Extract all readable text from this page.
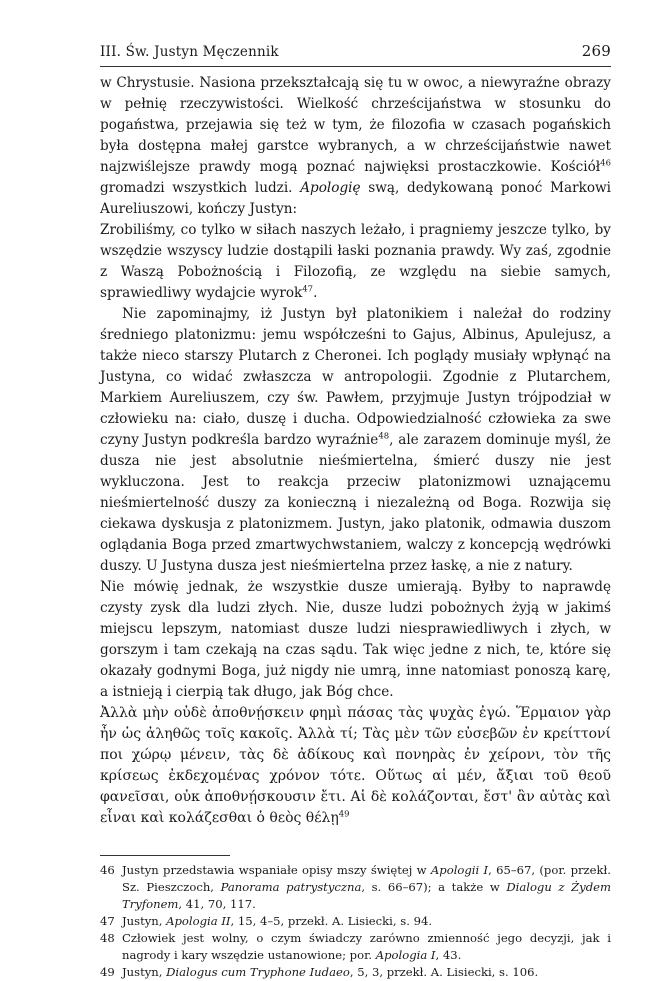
III. Św. Justyn Męczennik	269

w Chrystusie. Nasiona przekształcają się tu w owoc, a niewyraźne obrazy w pełnię rzeczywistości. Wielkość chrześcijaństwa w stosunku do pogaństwa, przejawia się też w tym, że filozofia w czasach pogańskich była dostępna małej garstce wybranych, a w chrześcijaństwie nawet najzwiślejsze prawdy mogą poznać najwięksi prostaczkowie. Kościół$^{46}$ gromadzi wszystkich ludzi. Apologię swą, dedykowaną ponoć Markowi Aureliuszowi, kończy Justyn:

Zrobiliśmy, co tylko w siłach naszych leżało, i pragniemy jeszcze tylko, by wszędzie wszyscy ludzie dostąpili łaski poznania prawdy. Wy zaś, zgodnie z Waszą Pobożnością i Filozofią, ze względu na siebie samych, sprawiedliwy wydajcie wyrok$^{47}$.

Nie zapominajmy, iż Justyn był platonikiem i należał do rodziny średniego platonizmu: jemu współcześni to Gajus, Albinus, Apulejusz, a także nieco starszy Plutarch z Cheronei. Ich poglądy musiały wpłynąć na Justyna, co widać zwłaszcza w antropologii. Zgodnie z Plutarchem, Markiem Aureliuszem, czy św. Pawłem, przyjmuje Justyn trójpodział w człowieku na: ciało, duszę i ducha. Odpowiedzialność człowieka za swe czyny Justyn podkreśla bardzo wyraźnie$^{48}$, ale zarazem dominuje myśl, że dusza nie jest absolutnie nieśmiertelna, śmierć duszy nie jest wykluczona. Jest to reakcja przeciw platonizmowi uznającemu nieśmiertelność duszy za konieczną i niezależną od Boga. Rozwija się ciekawa dyskusja z platonizmem. Justyn, jako platonik, odmawia duszom oglądania Boga przed zmartwychwstaniem, walczy z koncepcją wędrówki duszy. U Justyna dusza jest nieśmiertelna przez łaskę, a nie z natury.

Nie mówię jednak, że wszystkie dusze umierają. Byłby to naprawdę czysty zysk dla ludzi złych. Nie, dusze ludzi pobożnych żyją w jakimś miejscu lepszym, natomiast dusze ludzi niesprawiedliwych i złych, w gorszym i tam czekają na czas sądu. Tak więc jedne z nich, te, które się okazały godnymi Boga, już nigdy nie umrą, inne natomiast ponoszą karę, a istnieją i cierpią tak długo, jak Bóg chce.

Ἀλλὰ μὴν οὐδὲ ἀποθνῄσκειν φημὶ πάσας τὰς ψυχὰς ἐγώ. Ἕρμαιον γὰρ ἦν ὡς ἀληθῶς τοῖς κακοῖς. Ἀλλὰ τί; Τὰς μὲν τῶν εὐσεβῶν ἐν κρείττονί ποι χώρῳ μένειν, τὰς δὲ ἀδίκους καὶ πονηρὰς ἐν χείρονι, τὸν τῆς κρίσεως ἐκδεχομένας χρόνον τότε. Οὕτως αἱ μέν, ἄξιαι τοῦ θεοῦ φανεῖσαι, οὐκ ἀποθνῄσκουσιν ἔτι. Αἱ δὲ κολάζονται, ἔστ' ἂν αὐτὰς καὶ εἶναι καὶ κολάζεσθαι ὁ θεὸς θέλῃ$^{49}$

46 Justyn przedstawia wspaniałe opisy mszy świętej w Apologii I, 65–67, (por. przekł. Sz. Pieszczoch, Panorama patrystyczna, s. 66–67); a także w Dialogu z Żydem Tryfonem, 41, 70, 117.
47 Justyn, Apologia II, 15, 4–5, przekł. A. Lisiecki, s. 94.
48 Człowiek jest wolny, o czym świadczy zarówno zmienność jego decyzji, jak i nagrody i kary wszędzie ustanowione; por. Apologia I, 43.
49 Justyn, Dialogus cum Tryphone Iudaeo, 5, 3, przekł. A. Lisiecki, s. 106.
